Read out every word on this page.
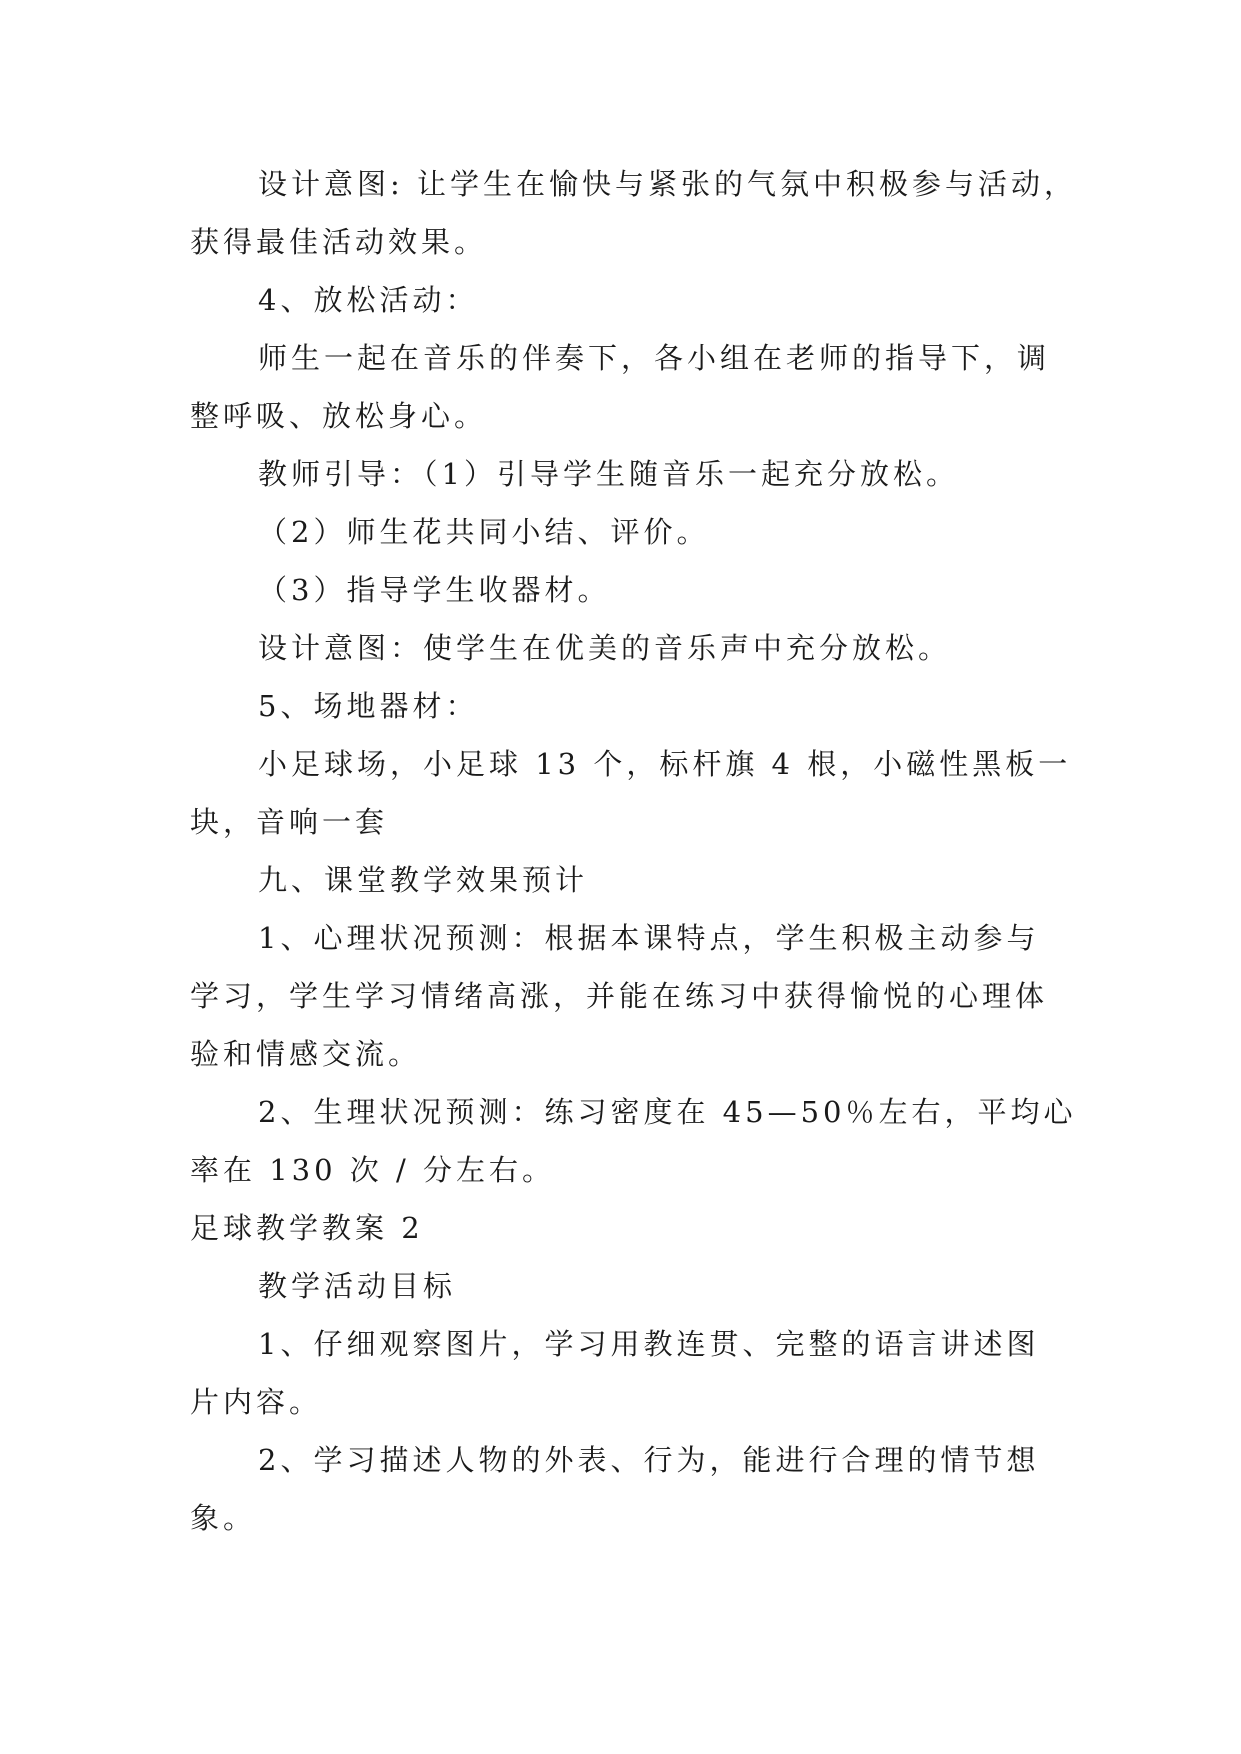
设计意图: 让学生在愉快与紧张的气氛中积极参与活动，
获得最佳活动效果。
4、放松活动：
师生一起在音乐的伴奏下，各小组在老师的指导下，调
整呼吸、放松身心。
教师引导：（1）引导学生随音乐一起充分放松。
（2）师生花共同小结、评价。
（3）指导学生收器材。
设计意图：使学生在优美的音乐声中充分放松。
5、场地器材：
小足球场，小足球 13 个，标杆旗 4 根，小磁性黑板一
块，音响一套
九、课堂教学效果预计
1、心理状况预测：根据本课特点，学生积极主动参与
学习，学生学习情绪高涨，并能在练习中获得愉悦的心理体
验和情感交流。
2、生理状况预测：练习密度在 45—50％左右，平均心
率在 130 次 / 分左右。
足球教学教案 2
教学活动目标
1、仔细观察图片，学习用教连贯、完整的语言讲述图
片内容。
2、学习描述人物的外表、行为，能进行合理的情节想
象。
